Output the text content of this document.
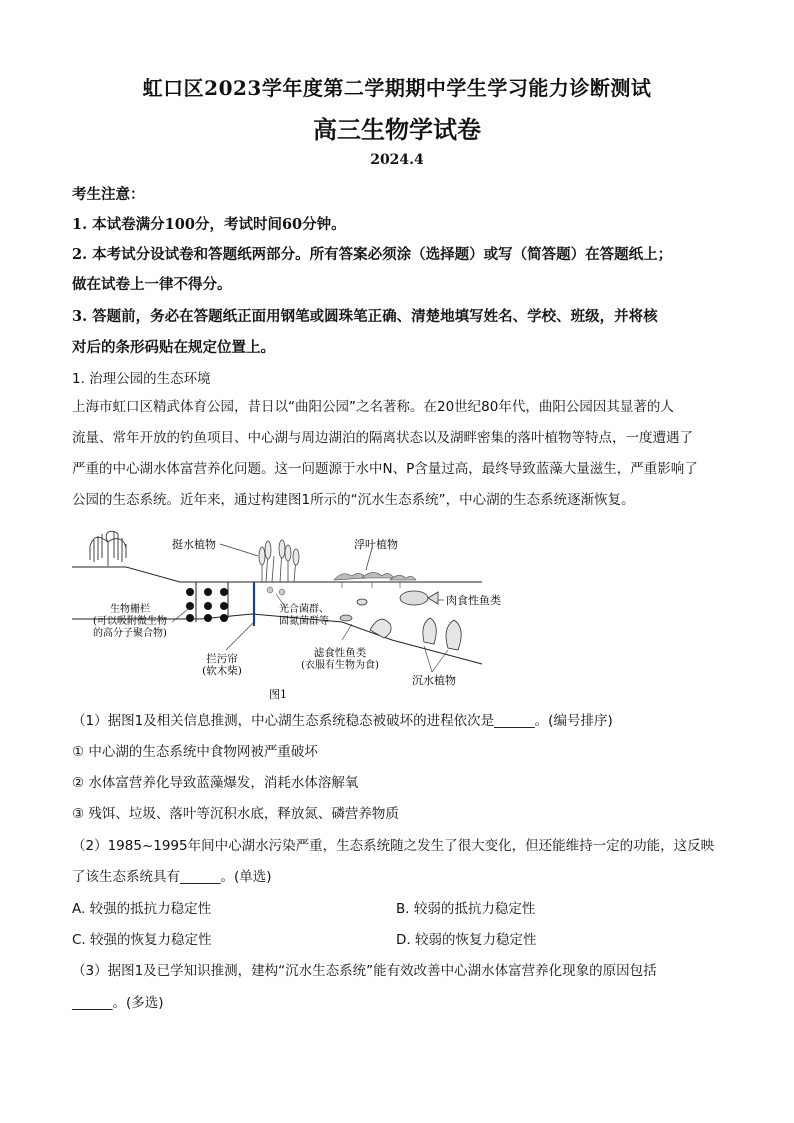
虹口区2023学年度第二学期期中学生学习能力诊断测试
高三生物学试卷
2024.4
考生注意：
1. 本试卷满分100分，考试时间60分钟。
2. 本考试分设试卷和答题纸两部分。所有答案必须涂（选择题）或写（简答题）在答题纸上；
做在试卷上一律不得分。
3. 答题前，务必在答题纸正面用钢笔或圆珠笔正确、清楚地填写姓名、学校、班级，并将核
对后的条形码贴在规定位置上。
1. 治理公园的生态环境
上海市虹口区精武体育公园，昔日以“曲阳公园”之名著称。在20世纪80年代，曲阳公园因其显著的人
流量、常年开放的钓鱼项目、中心湖与周边湖泊的隔离状态以及湖畔密集的落叶植物等特点，一度遭遇了
严重的中心湖水体富营养化问题。这一问题源于水中N、P含量过高，最终导致蓝藻大量滋生，严重影响了
公园的生态系统。近年来，通过构建图1所示的“沉水生态系统”，中心湖的生态系统逐渐恢复。
挺水植物	浮叶植物
生物栅栏
(可以吸附微生物
的高分子聚合物)
光合菌群、
固氮菌群等
肉食性鱼类
拦污帘
(软木柴)
滤食性鱼类
(衣服有生物为食)
沉水植物
图1
（1）据图1及相关信息推测，中心湖生态系统稳态被破坏的进程依次是______。(编号排序)
① 中心湖的生态系统中食物网被严重破坏
② 水体富营养化导致蓝藻爆发，消耗水体溶解氧
③ 残饵、垃圾、落叶等沉积水底，释放氮、磷营养物质
（2）1985~1995年间中心湖水污染严重，生态系统随之发生了很大变化，但还能维持一定的功能，这反映
了该生态系统具有______。(单选)
A. 较强的抵抗力稳定性	B. 较弱的抵抗力稳定性
C. 较强的恢复力稳定性	D. 较弱的恢复力稳定性
（3）据图1及已学知识推测，建构“沉水生态系统”能有效改善中心湖水体富营养化现象的原因包括
______。(多选)
